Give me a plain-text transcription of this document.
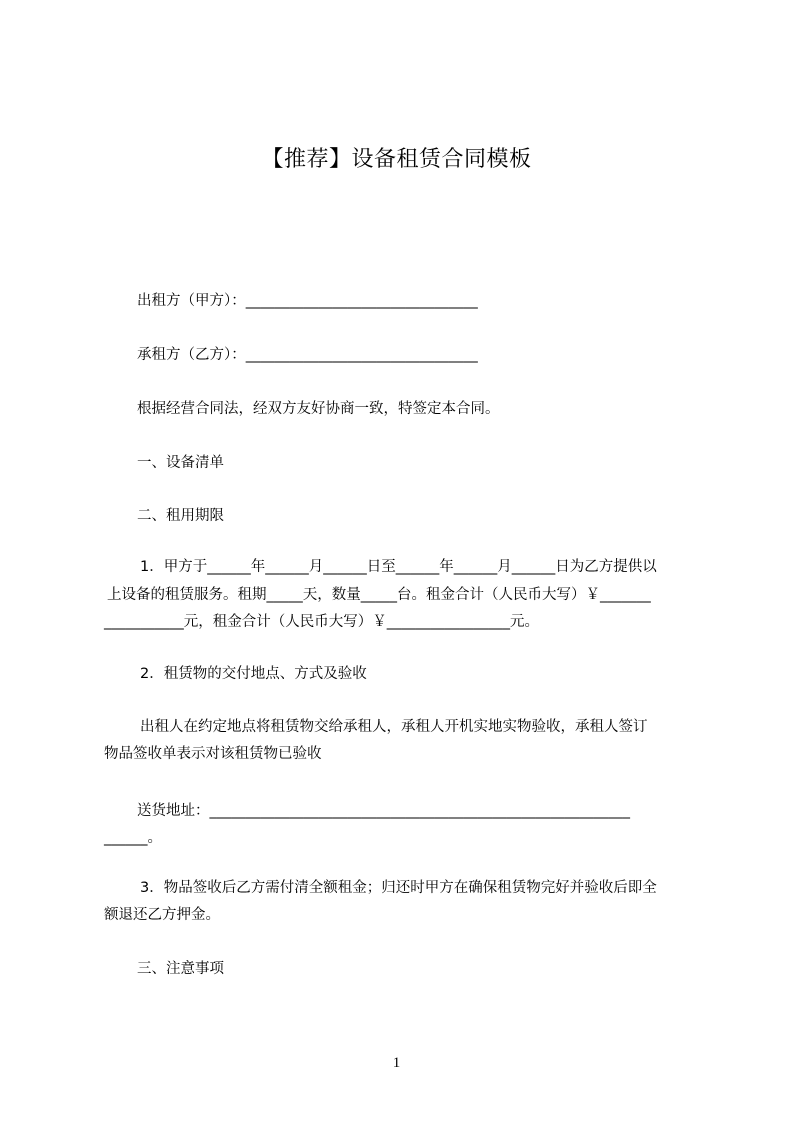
【推荐】设备租赁合同模板
出租方（甲方）：________________________________
承租方（乙方）：________________________________
根据经营合同法，经双方友好协商一致，特签定本合同。
一、设备清单
二、租用期限
1．甲方于______年______月______日至______年______月______日为乙方提供以
上设备的租赁服务。租期_____天，数量_____台。租金合计（人民币大写）￥_______
___________元，租金合计（人民币大写）￥_________________元。
2．租赁物的交付地点、方式及验收
出租人在约定地点将租赁物交给承租人，承租人开机实地实物验收，承租人签订
物品签收单表示对该租赁物已验收
送货地址：__________________________________________________________
______。
3．物品签收后乙方需付清全额租金；归还时甲方在确保租赁物完好并验收后即全
额退还乙方押金。
三、注意事项
1
